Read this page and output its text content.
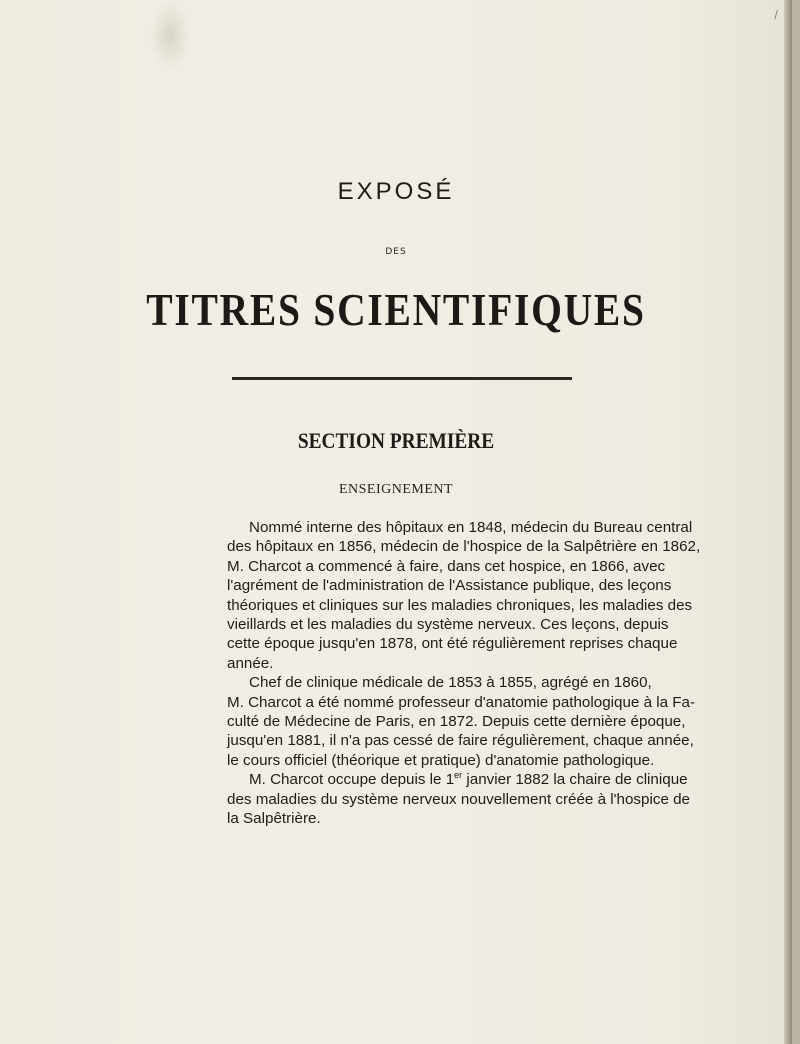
/
EXPOSÉ
DES
TITRES SCIENTIFIQUES
SECTION PREMIÈRE
ENSEIGNEMENT
Nommé interne des hôpitaux en 1848, médecin du Bureau central
des hôpitaux en 1856, médecin de l'hospice de la Salpêtrière en 1862,
M. Charcot a commencé à faire, dans cet hospice, en 1866, avec
l'agrément de l'administration de l'Assistance publique, des leçons
théoriques et cliniques sur les maladies chroniques, les maladies des
vieillards et les maladies du système nerveux. Ces leçons, depuis
cette époque jusqu'en 1878, ont été régulièrement reprises chaque
année.
Chef de clinique médicale de 1853 à 1855, agrégé en 1860,
M. Charcot a été nommé professeur d'anatomie pathologique à la Fa-
culté de Médecine de Paris, en 1872. Depuis cette dernière époque,
jusqu'en 1881, il n'a pas cessé de faire régulièrement, chaque année,
le cours officiel (théorique et pratique) d'anatomie pathologique.
M. Charcot occupe depuis le 1er janvier 1882 la chaire de clinique
des maladies du système nerveux nouvellement créée à l'hospice de
la Salpêtrière.
